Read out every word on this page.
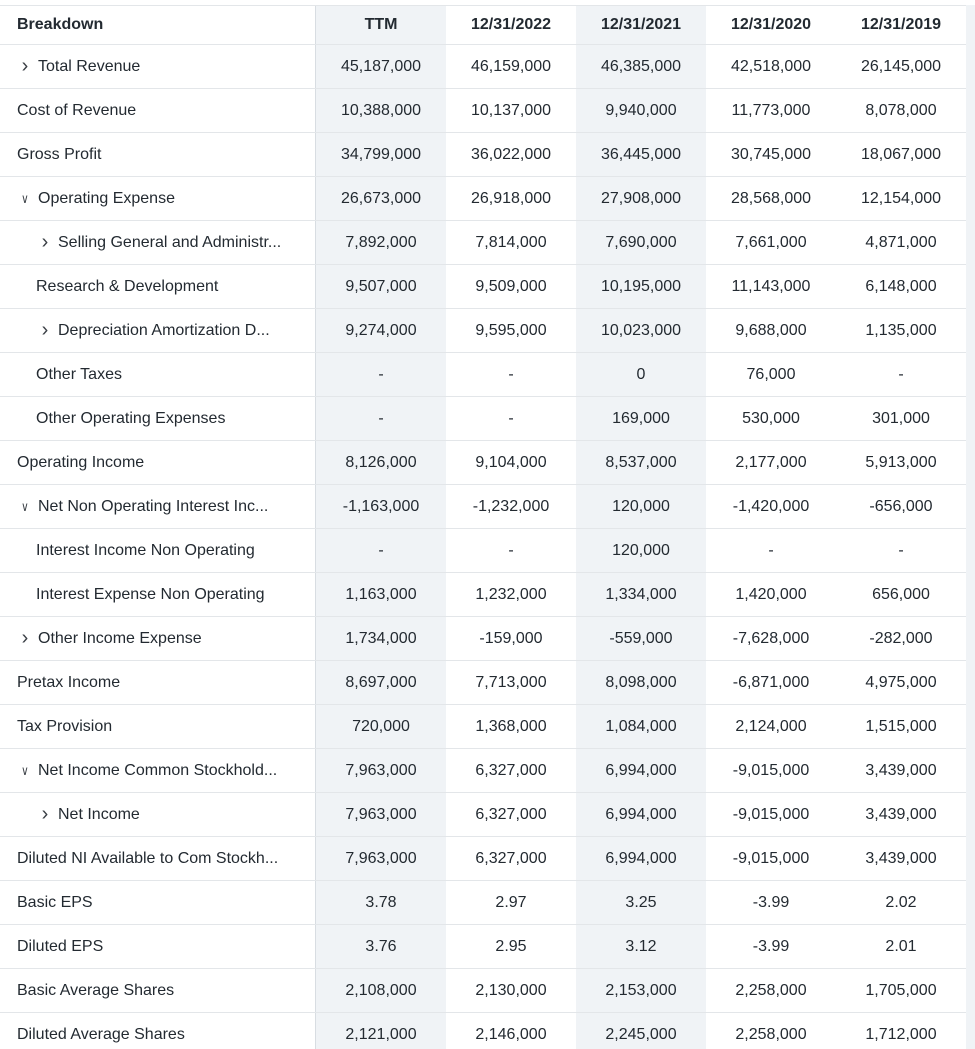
Breakdown	TTM	12/31/2022	12/31/2021	12/31/2020	12/31/2019
› Total Revenue	45,187,000	46,159,000	46,385,000	42,518,000	26,145,000
Cost of Revenue	10,388,000	10,137,000	9,940,000	11,773,000	8,078,000
Gross Profit	34,799,000	36,022,000	36,445,000	30,745,000	18,067,000
∨ Operating Expense	26,673,000	26,918,000	27,908,000	28,568,000	12,154,000
› Selling General and Administr...	7,892,000	7,814,000	7,690,000	7,661,000	4,871,000
Research & Development	9,507,000	9,509,000	10,195,000	11,143,000	6,148,000
› Depreciation Amortization D...	9,274,000	9,595,000	10,023,000	9,688,000	1,135,000
Other Taxes	-	-	0	76,000	-
Other Operating Expenses	-	-	169,000	530,000	301,000
Operating Income	8,126,000	9,104,000	8,537,000	2,177,000	5,913,000
∨ Net Non Operating Interest Inc...	-1,163,000	-1,232,000	120,000	-1,420,000	-656,000
Interest Income Non Operating	-	-	120,000	-	-
Interest Expense Non Operating	1,163,000	1,232,000	1,334,000	1,420,000	656,000
› Other Income Expense	1,734,000	-159,000	-559,000	-7,628,000	-282,000
Pretax Income	8,697,000	7,713,000	8,098,000	-6,871,000	4,975,000
Tax Provision	720,000	1,368,000	1,084,000	2,124,000	1,515,000
∨ Net Income Common Stockhold...	7,963,000	6,327,000	6,994,000	-9,015,000	3,439,000
› Net Income	7,963,000	6,327,000	6,994,000	-9,015,000	3,439,000
Diluted NI Available to Com Stockh...	7,963,000	6,327,000	6,994,000	-9,015,000	3,439,000
Basic EPS	3.78	2.97	3.25	-3.99	2.02
Diluted EPS	3.76	2.95	3.12	-3.99	2.01
Basic Average Shares	2,108,000	2,130,000	2,153,000	2,258,000	1,705,000
Diluted Average Shares	2,121,000	2,146,000	2,245,000	2,258,000	1,712,000
